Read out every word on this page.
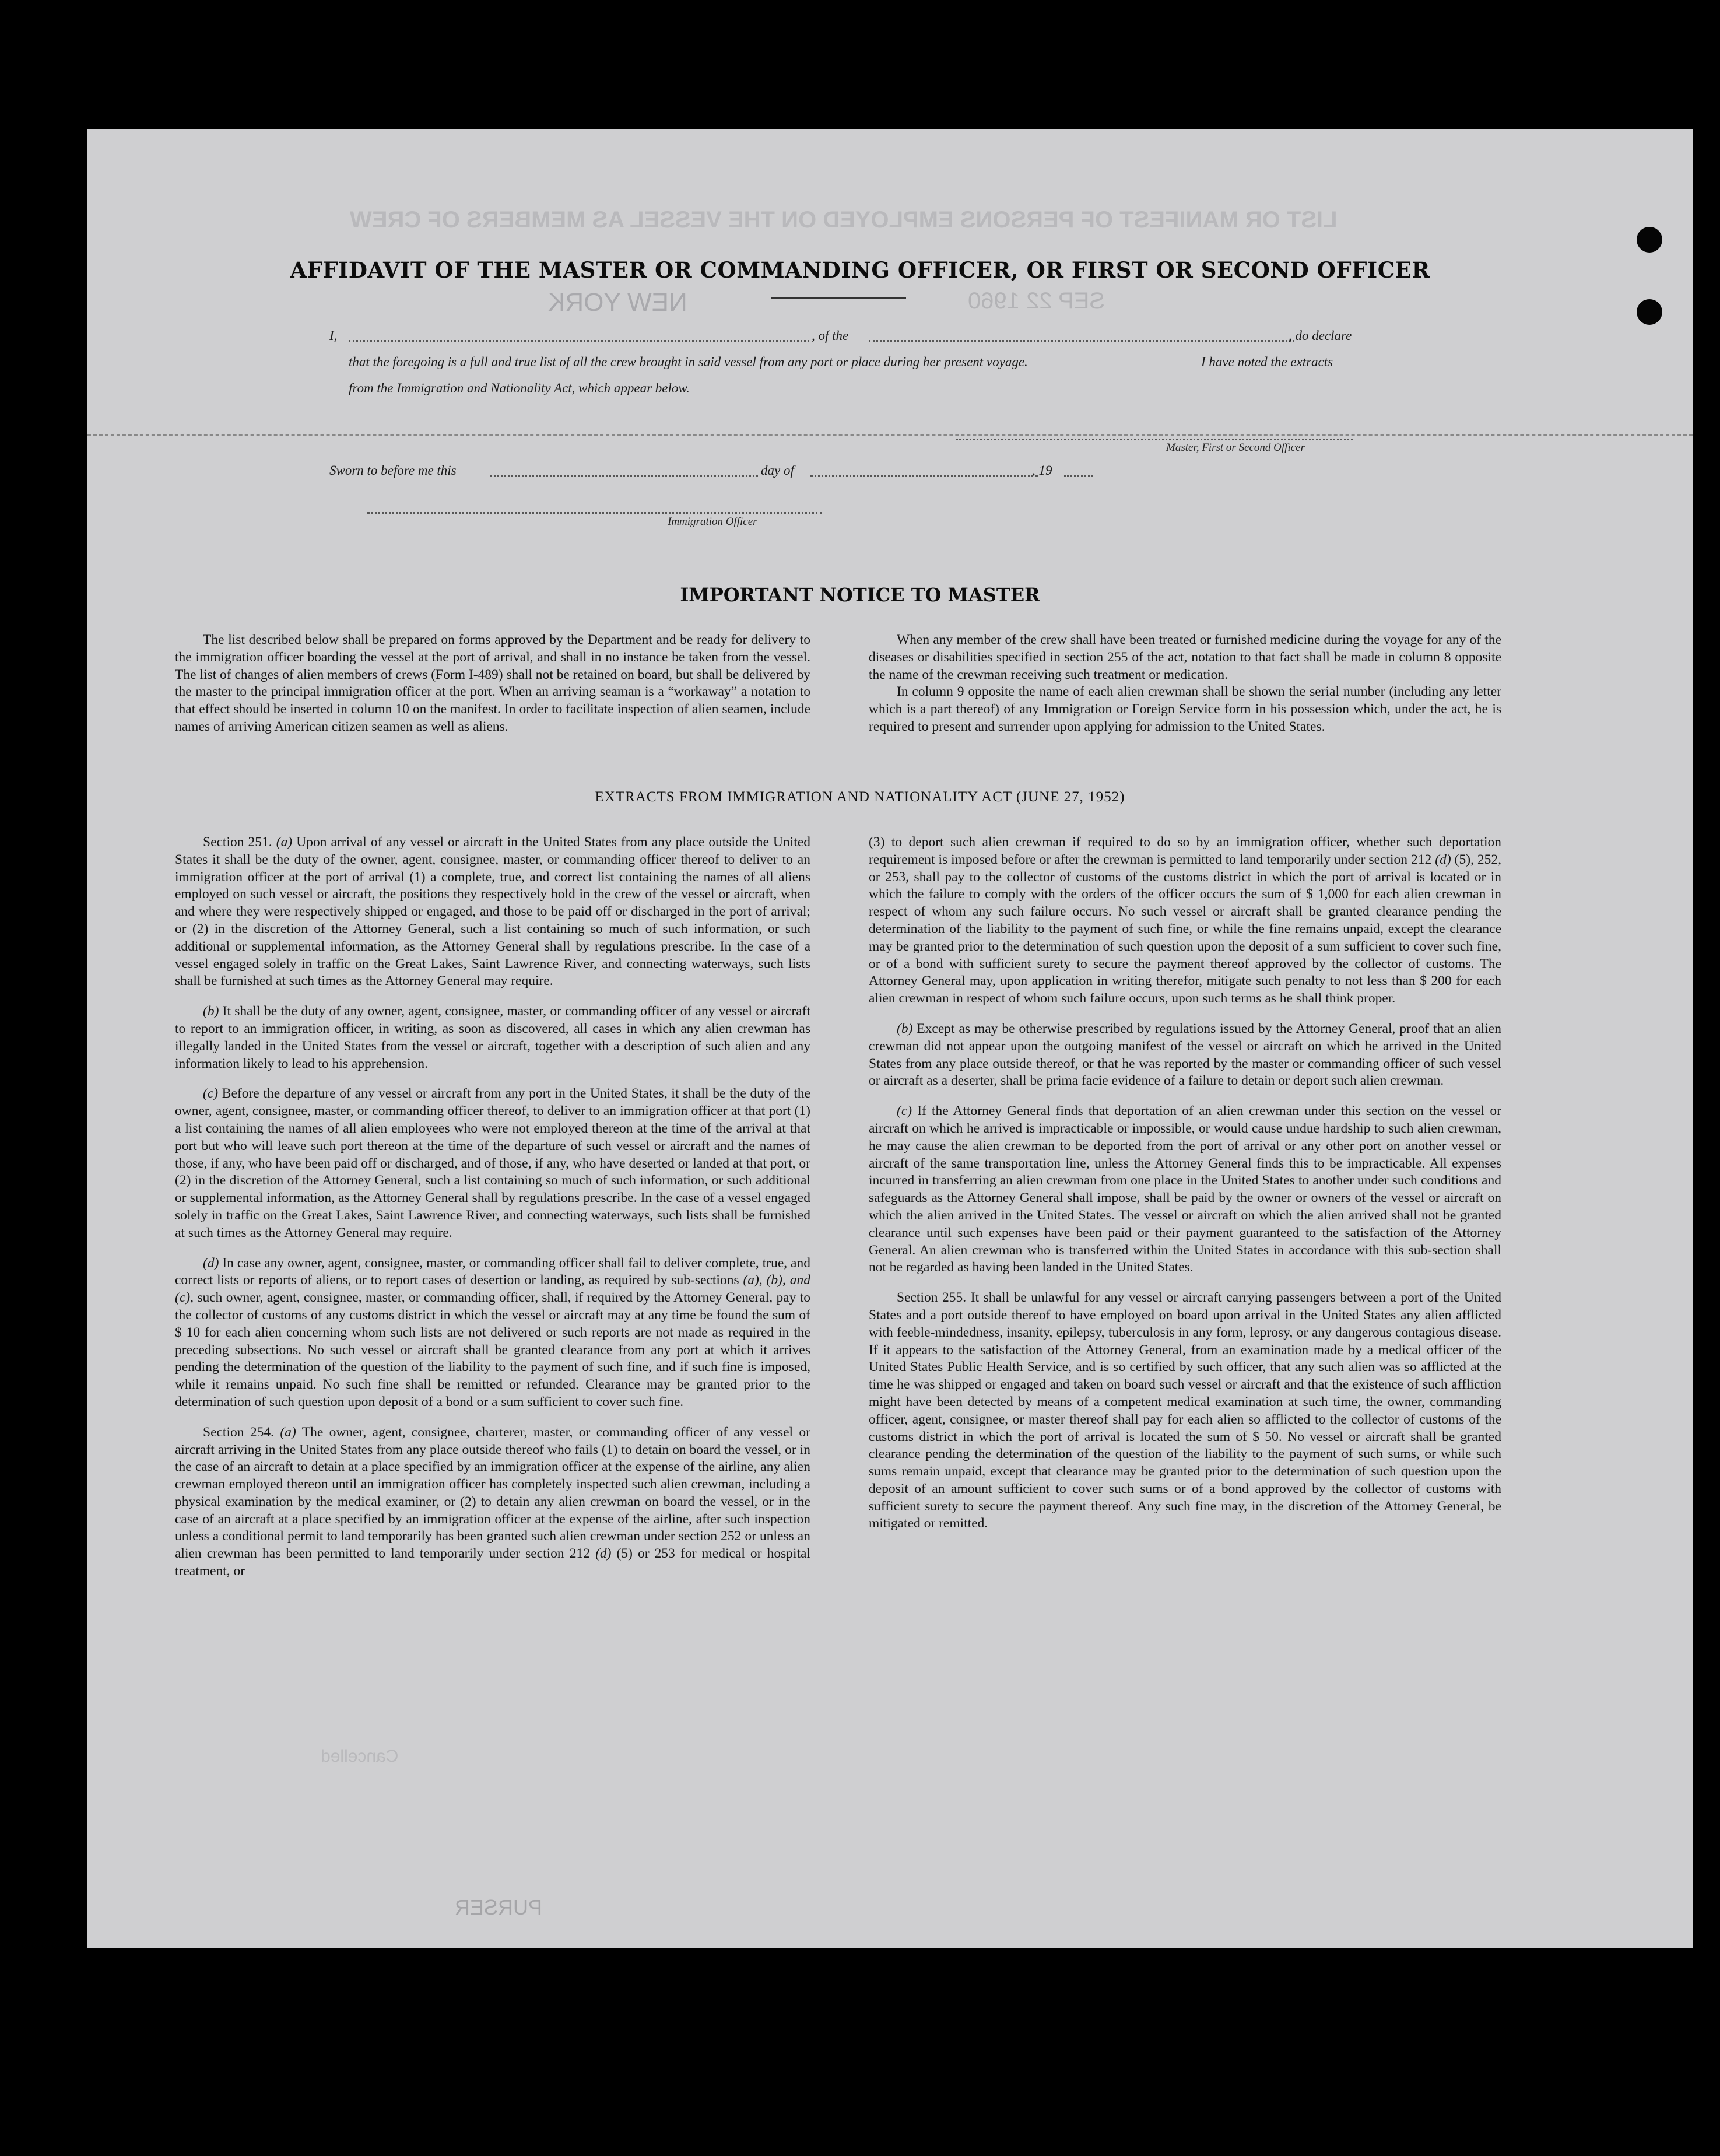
LIST OR MANIFEST OF PERSONS EMPLOYED ON THE VESSEL AS MEMBERS OF CREW
NEW YORK	SEP 22 1960
Cancelled
PURSER
AFFIDAVIT OF THE MASTER OR COMMANDING OFFICER, OR FIRST OR SECOND OFFICER
I,	, of the	, do declare
that the foregoing is a full and true list of all the crew brought in said vessel from any port or place during her present voyage.	I have noted the extracts
from the Immigration and Nationality Act, which appear below.
Master, First or Second Officer
Sworn to before me this	day of	, 19
Immigration Officer
IMPORTANT NOTICE TO MASTER

The list described below shall be prepared on forms approved by the Department and be ready for delivery to the immigration officer boarding the vessel at the port of arrival, and shall in no instance be taken from the vessel. The list of changes of alien members of crews (Form I-489) shall not be retained on board, but shall be delivered by the master to the principal immigration officer at the port. When an arriving seaman is a “workaway” a notation to that effect should be inserted in column 10 on the manifest. In order to facilitate inspection of alien seamen, include names of arriving American citizen seamen as well as aliens.

When any member of the crew shall have been treated or furnished medicine during the voyage for any of the diseases or disabilities specified in section 255 of the act, notation to that fact shall be made in column 8 opposite the name of the crewman receiving such treatment or medication.

In column 9 opposite the name of each alien crewman shall be shown the serial number (including any letter which is a part thereof) of any Immigration or Foreign Service form in his possession which, under the act, he is required to present and surrender upon applying for admission to the United States.

EXTRACTS FROM IMMIGRATION AND NATIONALITY ACT (JUNE 27, 1952)

Section 251. (a) Upon arrival of any vessel or aircraft in the United States from any place outside the United States it shall be the duty of the owner, agent, consignee, master, or commanding officer thereof to deliver to an immigration officer at the port of arrival (1) a complete, true, and correct list containing the names of all aliens employed on such vessel or aircraft, the positions they respectively hold in the crew of the vessel or aircraft, when and where they were respectively shipped or engaged, and those to be paid off or discharged in the port of arrival; or (2) in the discretion of the Attorney General, such a list containing so much of such information, or such additional or supplemental information, as the Attorney General shall by regulations prescribe. In the case of a vessel engaged solely in traffic on the Great Lakes, Saint Lawrence River, and connecting waterways, such lists shall be furnished at such times as the Attorney General may require.

(b) It shall be the duty of any owner, agent, consignee, master, or commanding officer of any vessel or aircraft to report to an immigration officer, in writing, as soon as discovered, all cases in which any alien crewman has illegally landed in the United States from the vessel or aircraft, together with a description of such alien and any information likely to lead to his apprehension.

(c) Before the departure of any vessel or aircraft from any port in the United States, it shall be the duty of the owner, agent, consignee, master, or commanding officer thereof, to deliver to an immigration officer at that port (1) a list containing the names of all alien employees who were not employed thereon at the time of the arrival at that port but who will leave such port thereon at the time of the departure of such vessel or aircraft and the names of those, if any, who have been paid off or discharged, and of those, if any, who have deserted or landed at that port, or (2) in the discretion of the Attorney General, such a list containing so much of such information, or such additional or supplemental information, as the Attorney General shall by regulations prescribe. In the case of a vessel engaged solely in traffic on the Great Lakes, Saint Lawrence River, and connecting waterways, such lists shall be furnished at such times as the Attorney General may require.

(d) In case any owner, agent, consignee, master, or commanding officer shall fail to deliver complete, true, and correct lists or reports of aliens, or to report cases of desertion or landing, as required by sub-sections (a), (b), and (c), such owner, agent, consignee, master, or commanding officer, shall, if required by the Attorney General, pay to the collector of customs of any customs district in which the vessel or aircraft may at any time be found the sum of $ 10 for each alien concerning whom such lists are not delivered or such reports are not made as required in the preceding subsections. No such vessel or aircraft shall be granted clearance from any port at which it arrives pending the determination of the question of the liability to the payment of such fine, and if such fine is imposed, while it remains unpaid. No such fine shall be remitted or refunded. Clearance may be granted prior to the determination of such question upon deposit of a bond or a sum sufficient to cover such fine.

Section 254. (a) The owner, agent, consignee, charterer, master, or commanding officer of any vessel or aircraft arriving in the United States from any place outside thereof who fails (1) to detain on board the vessel, or in the case of an aircraft to detain at a place specified by an immigration officer at the expense of the airline, any alien crewman employed thereon until an immigration officer has completely inspected such alien crewman, including a physical examination by the medical examiner, or (2) to detain any alien crewman on board the vessel, or in the case of an aircraft at a place specified by an immigration officer at the expense of the airline, after such inspection unless a conditional permit to land temporarily has been granted such alien crewman under section 252 or unless an alien crewman has been permitted to land temporarily under section 212 (d) (5) or 253 for medical or hospital treatment, or

(3) to deport such alien crewman if required to do so by an immigration officer, whether such deportation requirement is imposed before or after the crewman is permitted to land temporarily under section 212 (d) (5), 252, or 253, shall pay to the collector of customs of the customs district in which the port of arrival is located or in which the failure to comply with the orders of the officer occurs the sum of $ 1,000 for each alien crewman in respect of whom any such failure occurs. No such vessel or aircraft shall be granted clearance pending the determination of the liability to the payment of such fine, or while the fine remains unpaid, except the clearance may be granted prior to the determination of such question upon the deposit of a sum sufficient to cover such fine, or of a bond with sufficient surety to secure the payment thereof approved by the collector of customs. The Attorney General may, upon application in writing therefor, mitigate such penalty to not less than $ 200 for each alien crewman in respect of whom such failure occurs, upon such terms as he shall think proper.

(b) Except as may be otherwise prescribed by regulations issued by the Attorney General, proof that an alien crewman did not appear upon the outgoing manifest of the vessel or aircraft on which he arrived in the United States from any place outside thereof, or that he was reported by the master or commanding officer of such vessel or aircraft as a deserter, shall be prima facie evidence of a failure to detain or deport such alien crewman.

(c) If the Attorney General finds that deportation of an alien crewman under this section on the vessel or aircraft on which he arrived is impracticable or impossible, or would cause undue hardship to such alien crewman, he may cause the alien crewman to be deported from the port of arrival or any other port on another vessel or aircraft of the same transportation line, unless the Attorney General finds this to be impracticable. All expenses incurred in transferring an alien crewman from one place in the United States to another under such conditions and safeguards as the Attorney General shall impose, shall be paid by the owner or owners of the vessel or aircraft on which the alien arrived in the United States. The vessel or aircraft on which the alien arrived shall not be granted clearance until such expenses have been paid or their payment guaranteed to the satisfaction of the Attorney General. An alien crewman who is transferred within the United States in accordance with this sub-section shall not be regarded as having been landed in the United States.

Section 255. It shall be unlawful for any vessel or aircraft carrying passengers between a port of the United States and a port outside thereof to have employed on board upon arrival in the United States any alien afflicted with feeble-mindedness, insanity, epilepsy, tuberculosis in any form, leprosy, or any dangerous contagious disease. If it appears to the satisfaction of the Attorney General, from an examination made by a medical officer of the United States Public Health Service, and is so certified by such officer, that any such alien was so afflicted at the time he was shipped or engaged and taken on board such vessel or aircraft and that the existence of such affliction might have been detected by means of a competent medical examination at such time, the owner, commanding officer, agent, consignee, or master thereof shall pay for each alien so afflicted to the collector of customs of the customs district in which the port of arrival is located the sum of $ 50. No vessel or aircraft shall be granted clearance pending the determination of the question of the liability to the payment of such sums, or while such sums remain unpaid, except that clearance may be granted prior to the determination of such question upon the deposit of an amount sufficient to cover such sums or of a bond approved by the collector of customs with sufficient surety to secure the payment thereof. Any such fine may, in the discretion of the Attorney General, be mitigated or remitted.
